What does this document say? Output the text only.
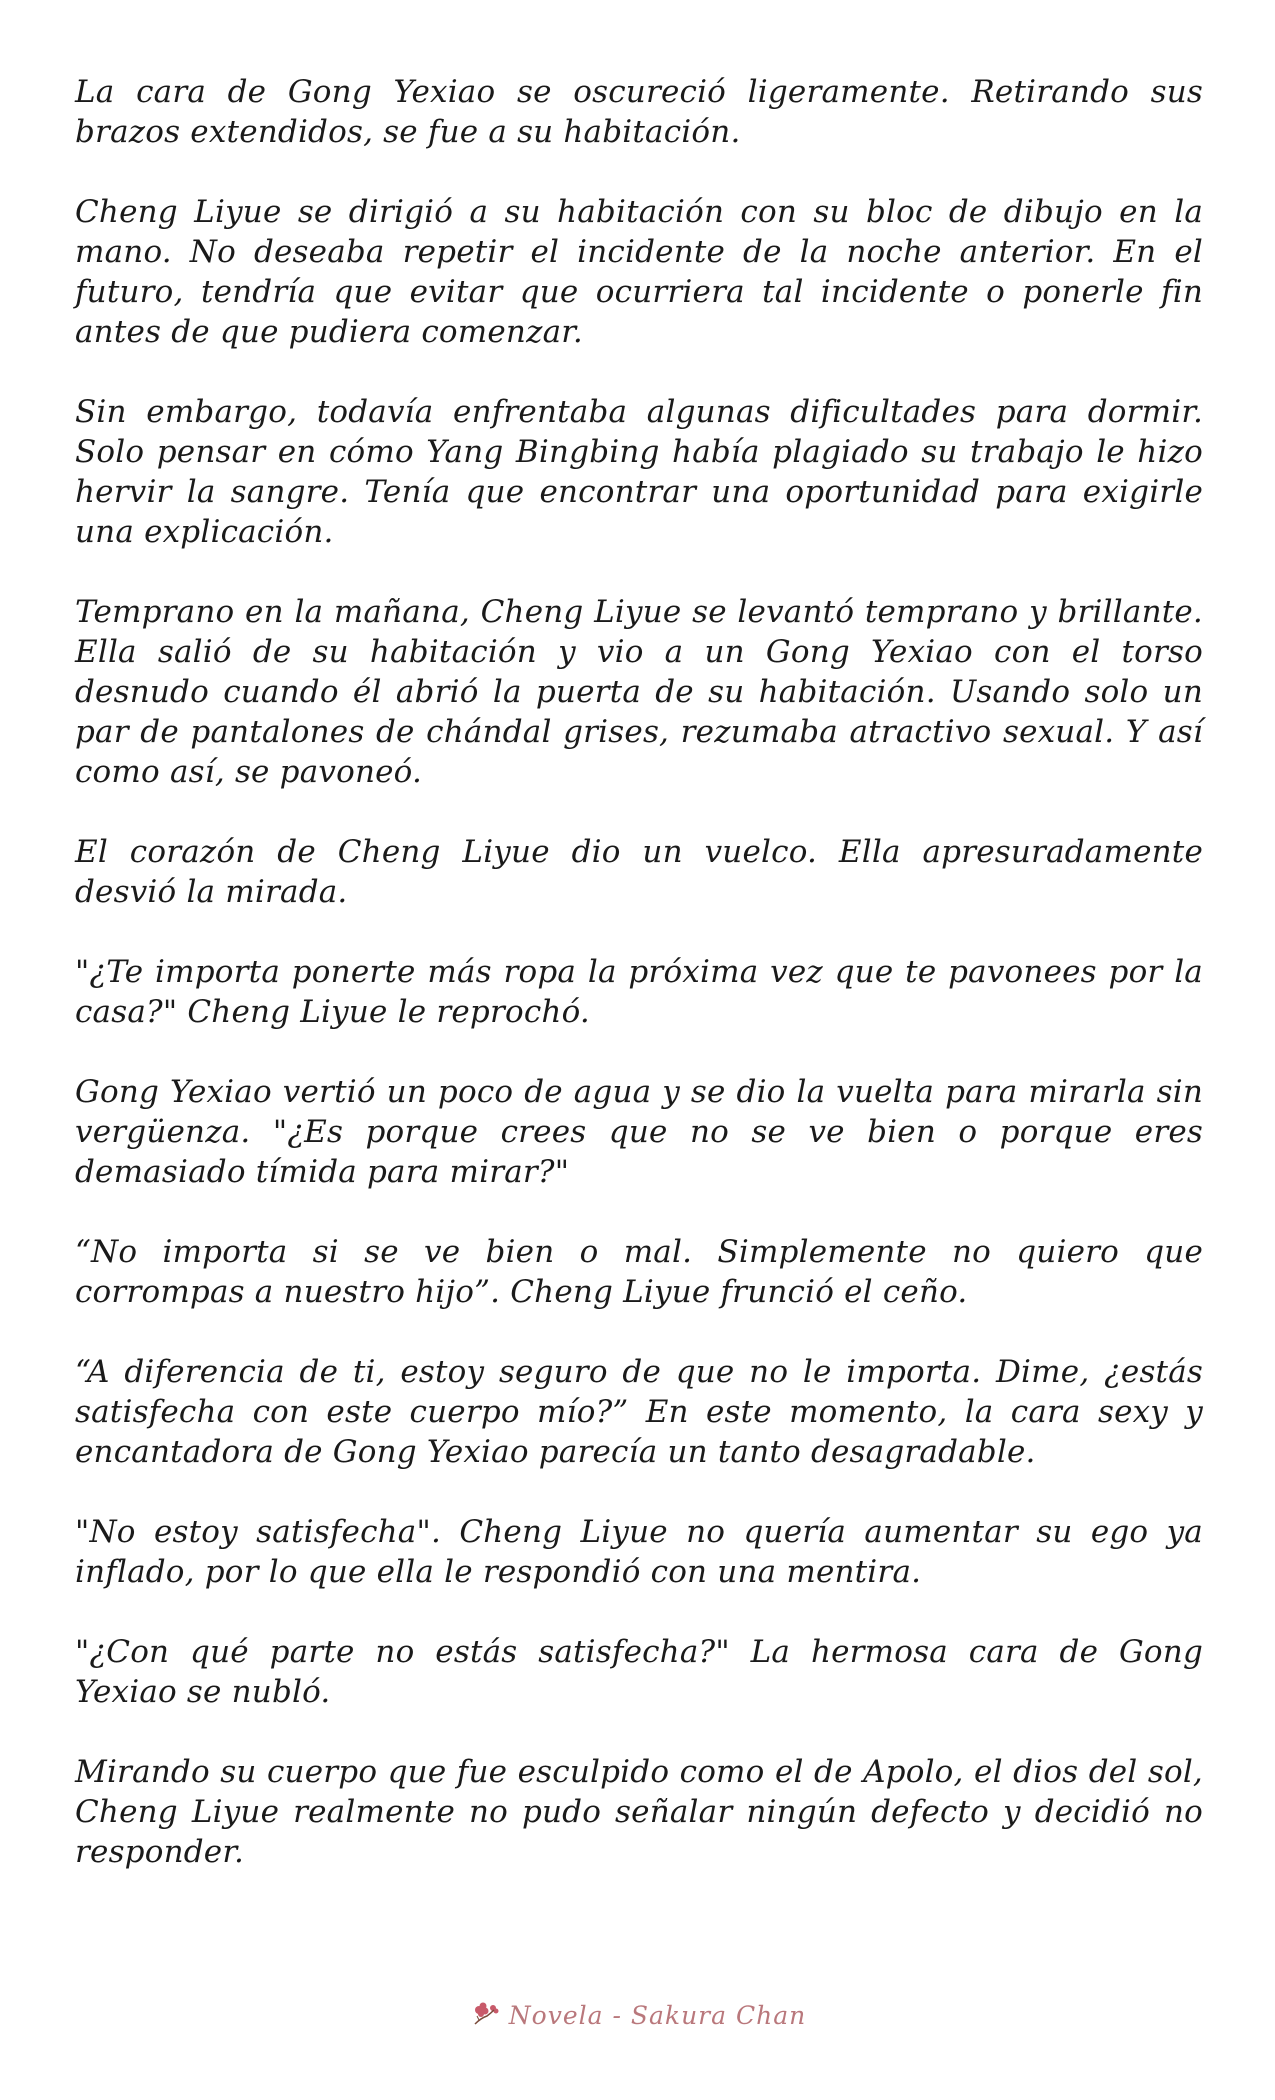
La cara de Gong Yexiao se oscureció ligeramente. Retirando sus brazos extendidos, se fue a su habitación.

Cheng Liyue se dirigió a su habitación con su bloc de dibujo en la mano. No deseaba repetir el incidente de la noche anterior. En el futuro, tendría que evitar que ocurriera tal incidente o ponerle fin antes de que pudiera comenzar.

Sin embargo, todavía enfrentaba algunas dificultades para dormir. Solo pensar en cómo Yang Bingbing había plagiado su trabajo le hizo hervir la sangre. Tenía que encontrar una oportunidad para exigirle una explicación.

Temprano en la mañana, Cheng Liyue se levantó temprano y brillante. Ella salió de su habitación y vio a un Gong Yexiao con el torso desnudo cuando él abrió la puerta de su habitación. Usando solo un par de pantalones de chándal grises, rezumaba atractivo sexual. Y así como así, se pavoneó.

El corazón de Cheng Liyue dio un vuelco. Ella apresuradamente desvió la mirada.

"¿Te importa ponerte más ropa la próxima vez que te pavonees por la casa?" Cheng Liyue le reprochó.

Gong Yexiao vertió un poco de agua y se dio la vuelta para mirarla sin vergüenza. "¿Es porque crees que no se ve bien o porque eres demasiado tímida para mirar?"

“No importa si se ve bien o mal. Simplemente no quiero que corrompas a nuestro hijo”. Cheng Liyue frunció el ceño.

“A diferencia de ti, estoy seguro de que no le importa. Dime, ¿estás satisfecha con este cuerpo mío?” En este momento, la cara sexy y encantadora de Gong Yexiao parecía un tanto desagradable.

"No estoy satisfecha". Cheng Liyue no quería aumentar su ego ya inflado, por lo que ella le respondió con una mentira.

"¿Con qué parte no estás satisfecha?" La hermosa cara de Gong Yexiao se nubló.

Mirando su cuerpo que fue esculpido como el de Apolo, el dios del sol, Cheng Liyue realmente no pudo señalar ningún defecto y decidió no responder.

Novela - Sakura Chan
